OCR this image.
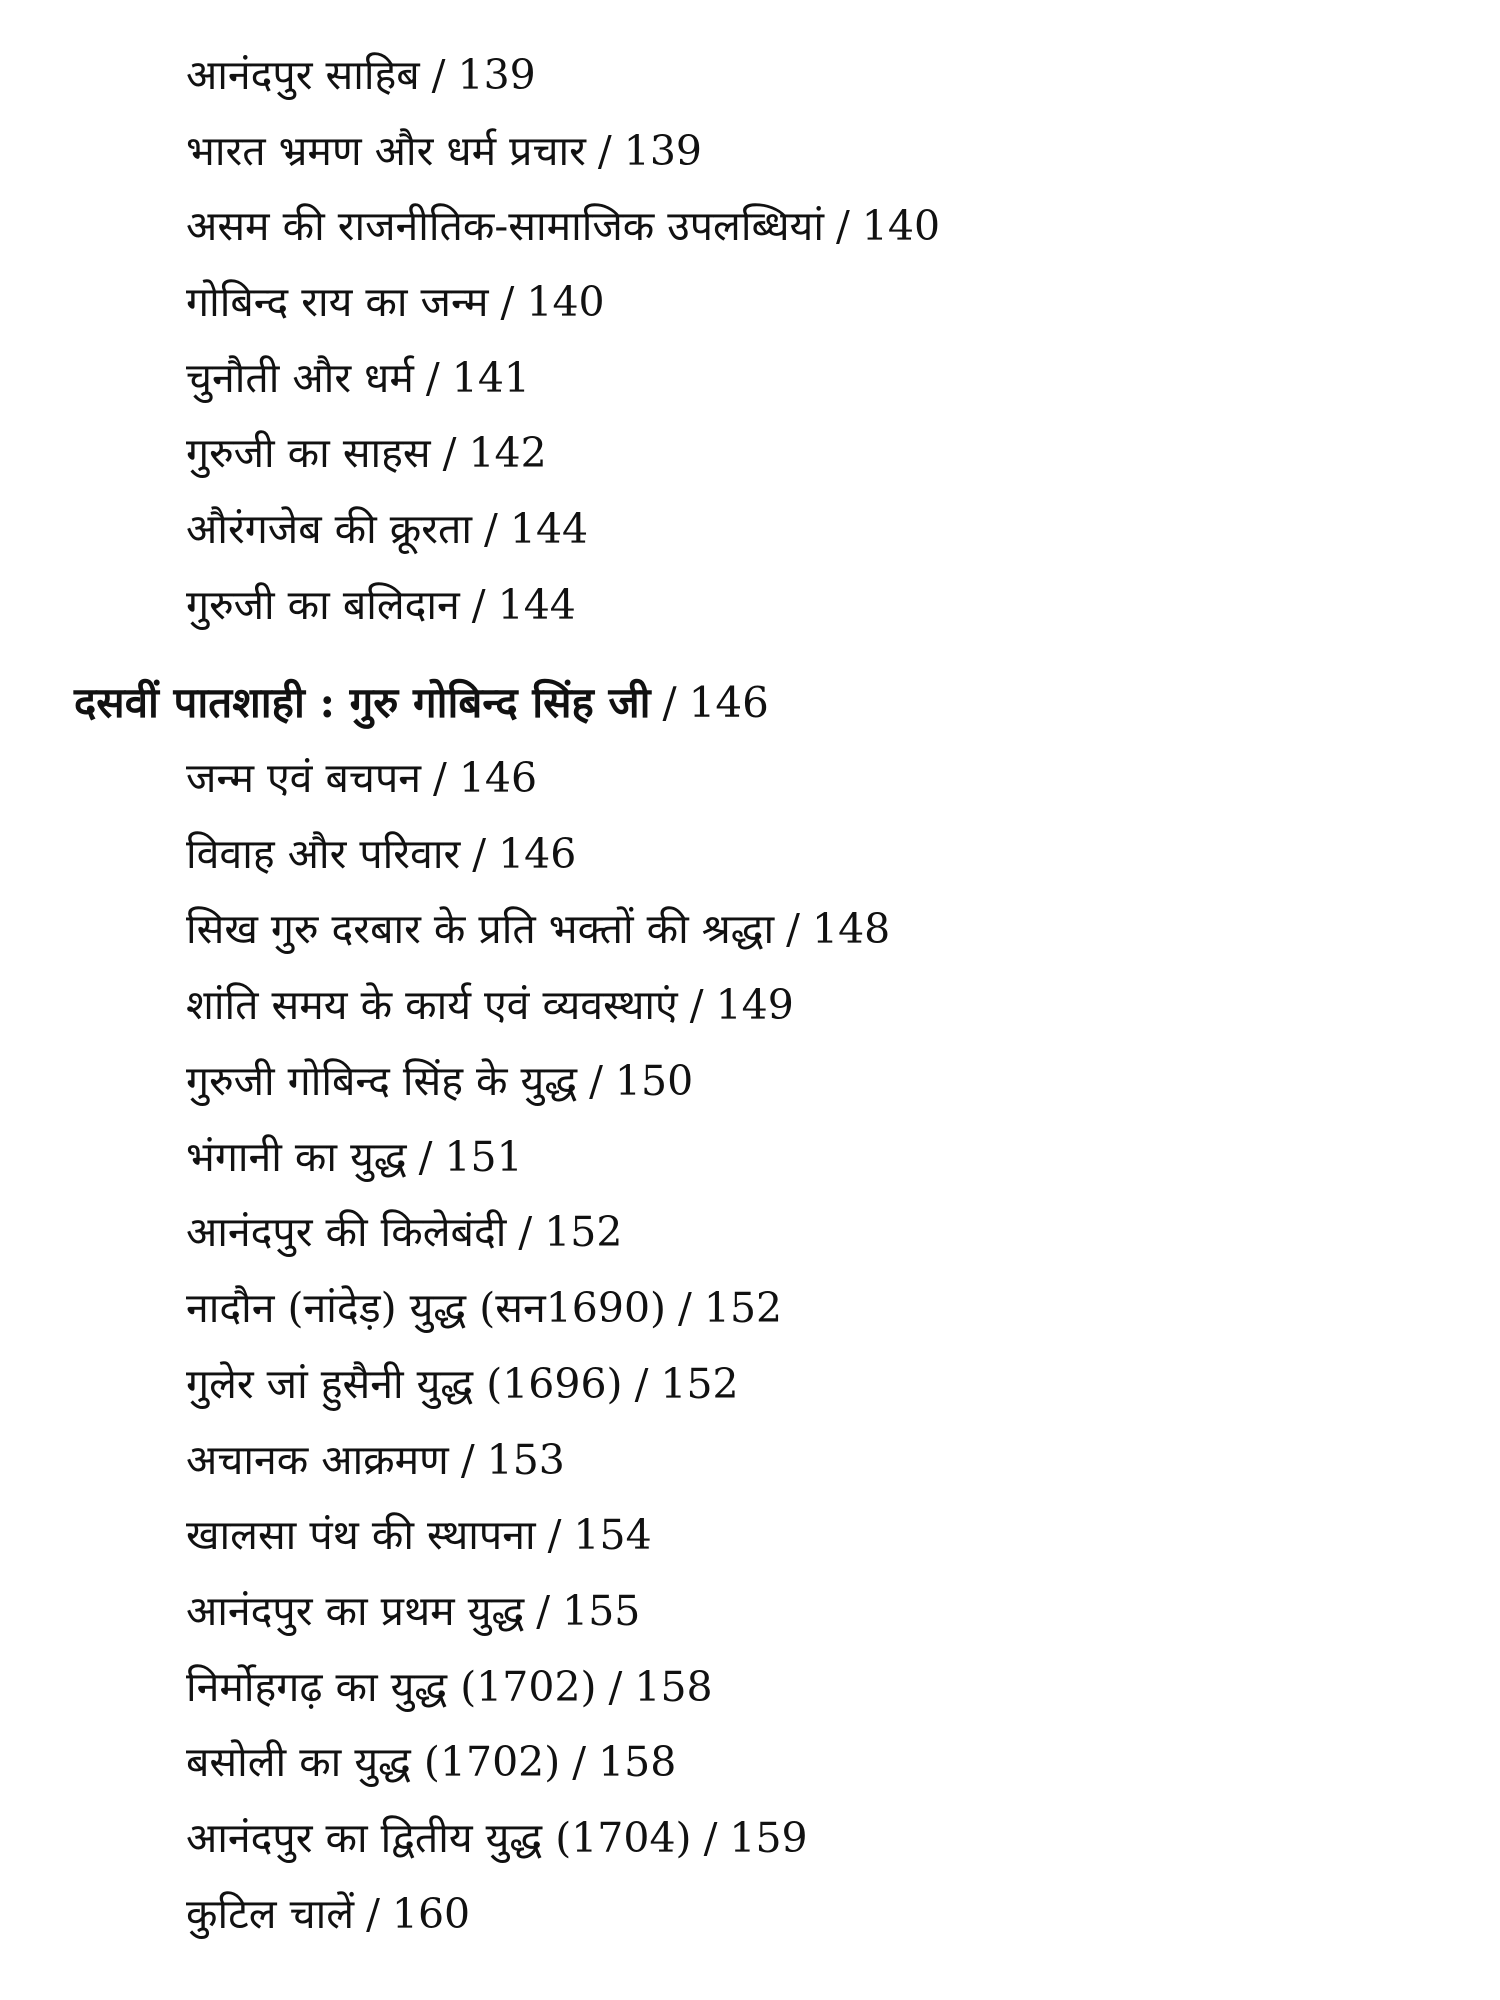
आनंदपुर साहिब / 139
भारत भ्रमण और धर्म प्रचार / 139
असम की राजनीतिक-सामाजिक उपलब्धियां / 140
गोबिन्द राय का जन्म / 140
चुनौती और धर्म / 141
गुरुजी का साहस / 142
औरंगजेब की क्रूरता / 144
गुरुजी का बलिदान / 144
दसवीं पातशाही : गुरु गोबिन्द सिंह जी / 146
जन्म एवं बचपन / 146
विवाह और परिवार / 146
सिख गुरु दरबार के प्रति भक्तों की श्रद्धा / 148
शांति समय के कार्य एवं व्यवस्थाएं / 149
गुरुजी गोबिन्द सिंह के युद्ध / 150
भंगानी का युद्ध / 151
आनंदपुर की किलेबंदी / 152
नादौन (नांदेड़) युद्ध (सन1690) / 152
गुलेर जां हुसैनी युद्ध (1696) / 152
अचानक आक्रमण / 153
खालसा पंथ की स्थापना / 154
आनंदपुर का प्रथम युद्ध / 155
निर्मोहगढ़ का युद्ध (1702) / 158
बसोली का युद्ध (1702) / 158
आनंदपुर का द्वितीय युद्ध (1704) / 159
कुटिल चालें / 160
